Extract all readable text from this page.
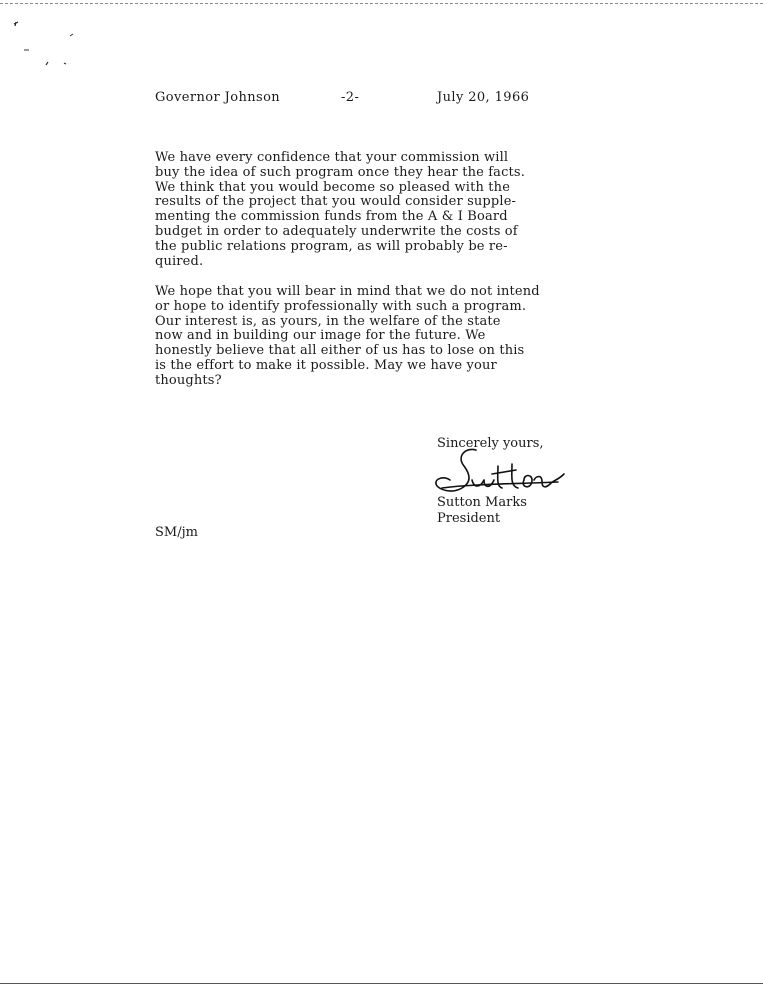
Governor Johnson	-2-	July 20, 1966
We have every confidence that your commission will
buy the idea of such program once they hear the facts.
We think that you would become so pleased with the
results of the project that you would consider supple-
menting the commission funds from the A & I Board
budget in order to adequately underwrite the costs of
the public relations program, as will probably be re-
quired.
We hope that you will bear in mind that we do not intend
or hope to identify professionally with such a program.
Our interest is, as yours, in the welfare of the state
now and in building our image for the future. We
honestly believe that all either of us has to lose on this
is the effort to make it possible. May we have your
thoughts?
Sincerely yours,
Sutton Marks
President
SM/jm
